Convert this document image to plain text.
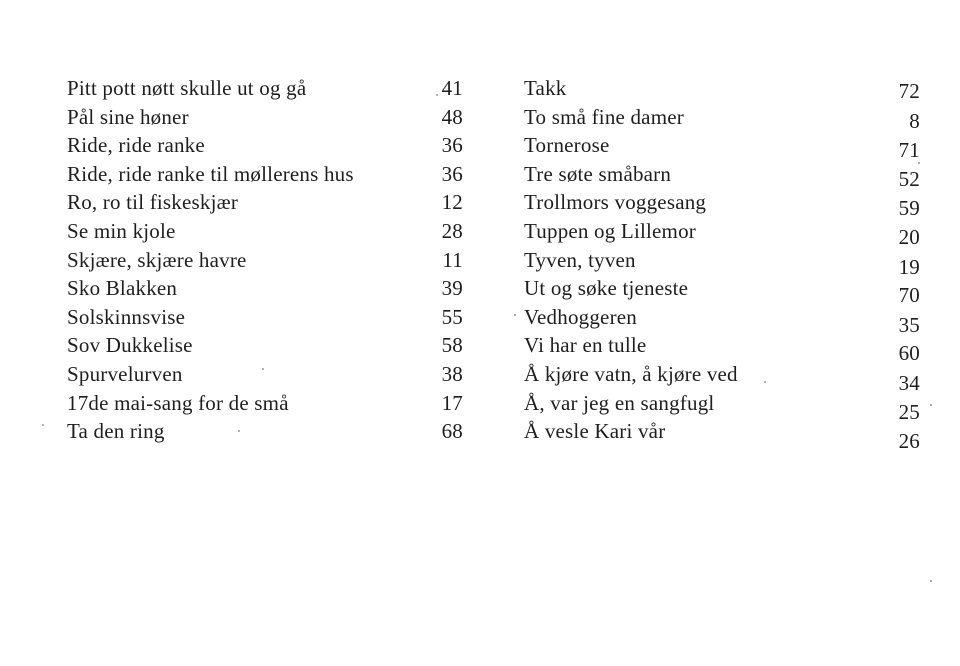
Pitt pott nøtt skulle ut og gå	41
Pål sine høner	48
Ride, ride ranke	36
Ride, ride ranke til møllerens hus	36
Ro, ro til fiskeskjær	12
Se min kjole	28
Skjære, skjære havre	11
Sko Blakken	39
Solskinnsvise	55
Sov Dukkelise	58
Spurvelurven	38
17de mai-sang for de små	17
Ta den ring	68
Takk	72
To små fine damer	8
Tornerose	71
Tre søte småbarn	52
Trollmors voggesang	59
Tuppen og Lillemor	20
Tyven, tyven	19
Ut og søke tjeneste	70
Vedhoggeren	35
Vi har en tulle	60
Å kjøre vatn, å kjøre ved	34
Å, var jeg en sangfugl	25
Å vesle Kari vår	26
